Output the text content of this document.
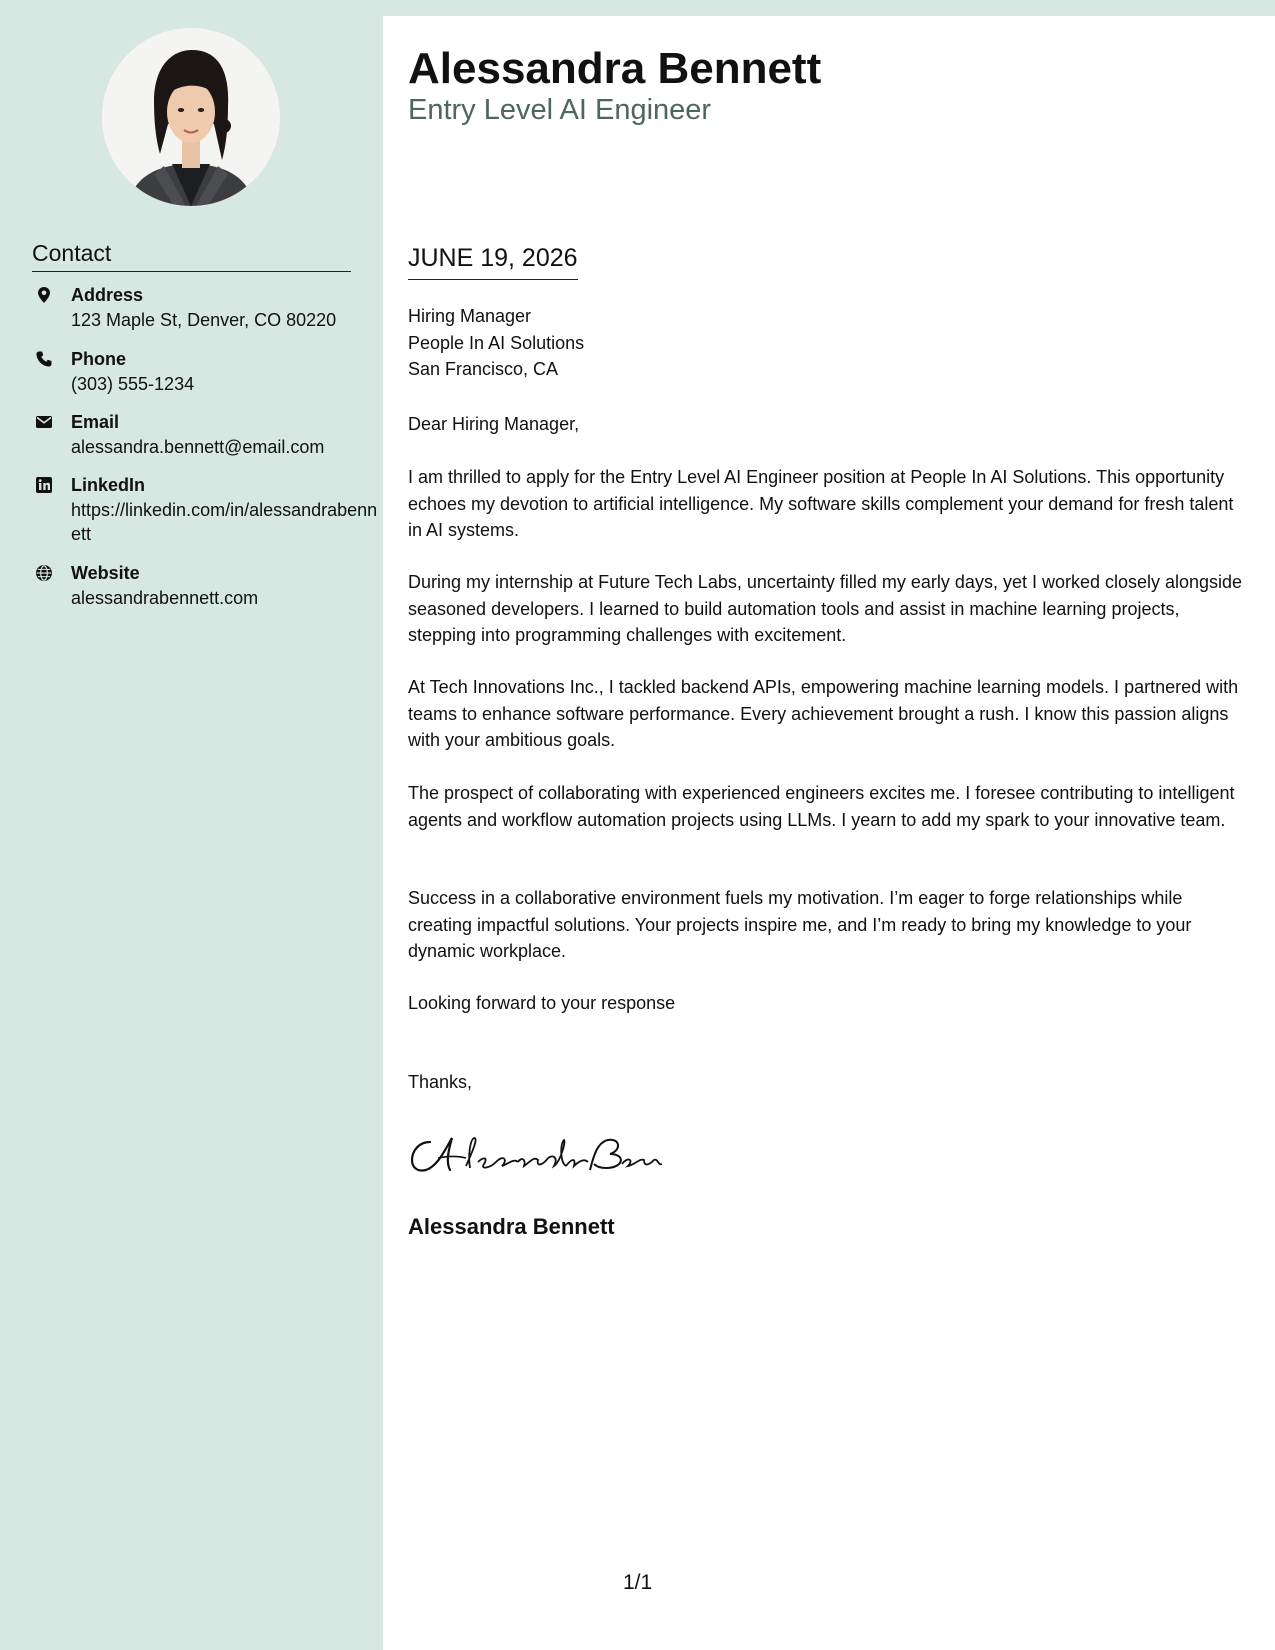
Contact
Address
123 Maple St, Denver, CO 80220
Phone
(303) 555-1234
Email
alessandra.bennett@email.com
LinkedIn
https://linkedin.com/in/alessandrabennett
Website
alessandrabennett.com
Alessandra Bennett
Entry Level AI Engineer
JUNE 19, 2026
Hiring Manager
People In AI Solutions
San Francisco, CA
Dear Hiring Manager,
I am thrilled to apply for the Entry Level AI Engineer position at People In AI Solutions. This opportunity echoes my devotion to artificial intelligence. My software skills complement your demand for fresh talent in AI systems.
During my internship at Future Tech Labs, uncertainty filled my early days, yet I worked closely alongside seasoned developers. I learned to build automation tools and assist in machine learning projects, stepping into programming challenges with excitement.
At Tech Innovations Inc., I tackled backend APIs, empowering machine learning models. I partnered with teams to enhance software performance. Every achievement brought a rush. I know this passion aligns with your ambitious goals.
The prospect of collaborating with experienced engineers excites me. I foresee contributing to intelligent agents and workflow automation projects using LLMs. I yearn to add my spark to your innovative team.
Success in a collaborative environment fuels my motivation. I’m eager to forge relationships while creating impactful solutions. Your projects inspire me, and I’m ready to bring my knowledge to your dynamic workplace.
Looking forward to your response
Thanks,
Alessandra Bennett
1/1
